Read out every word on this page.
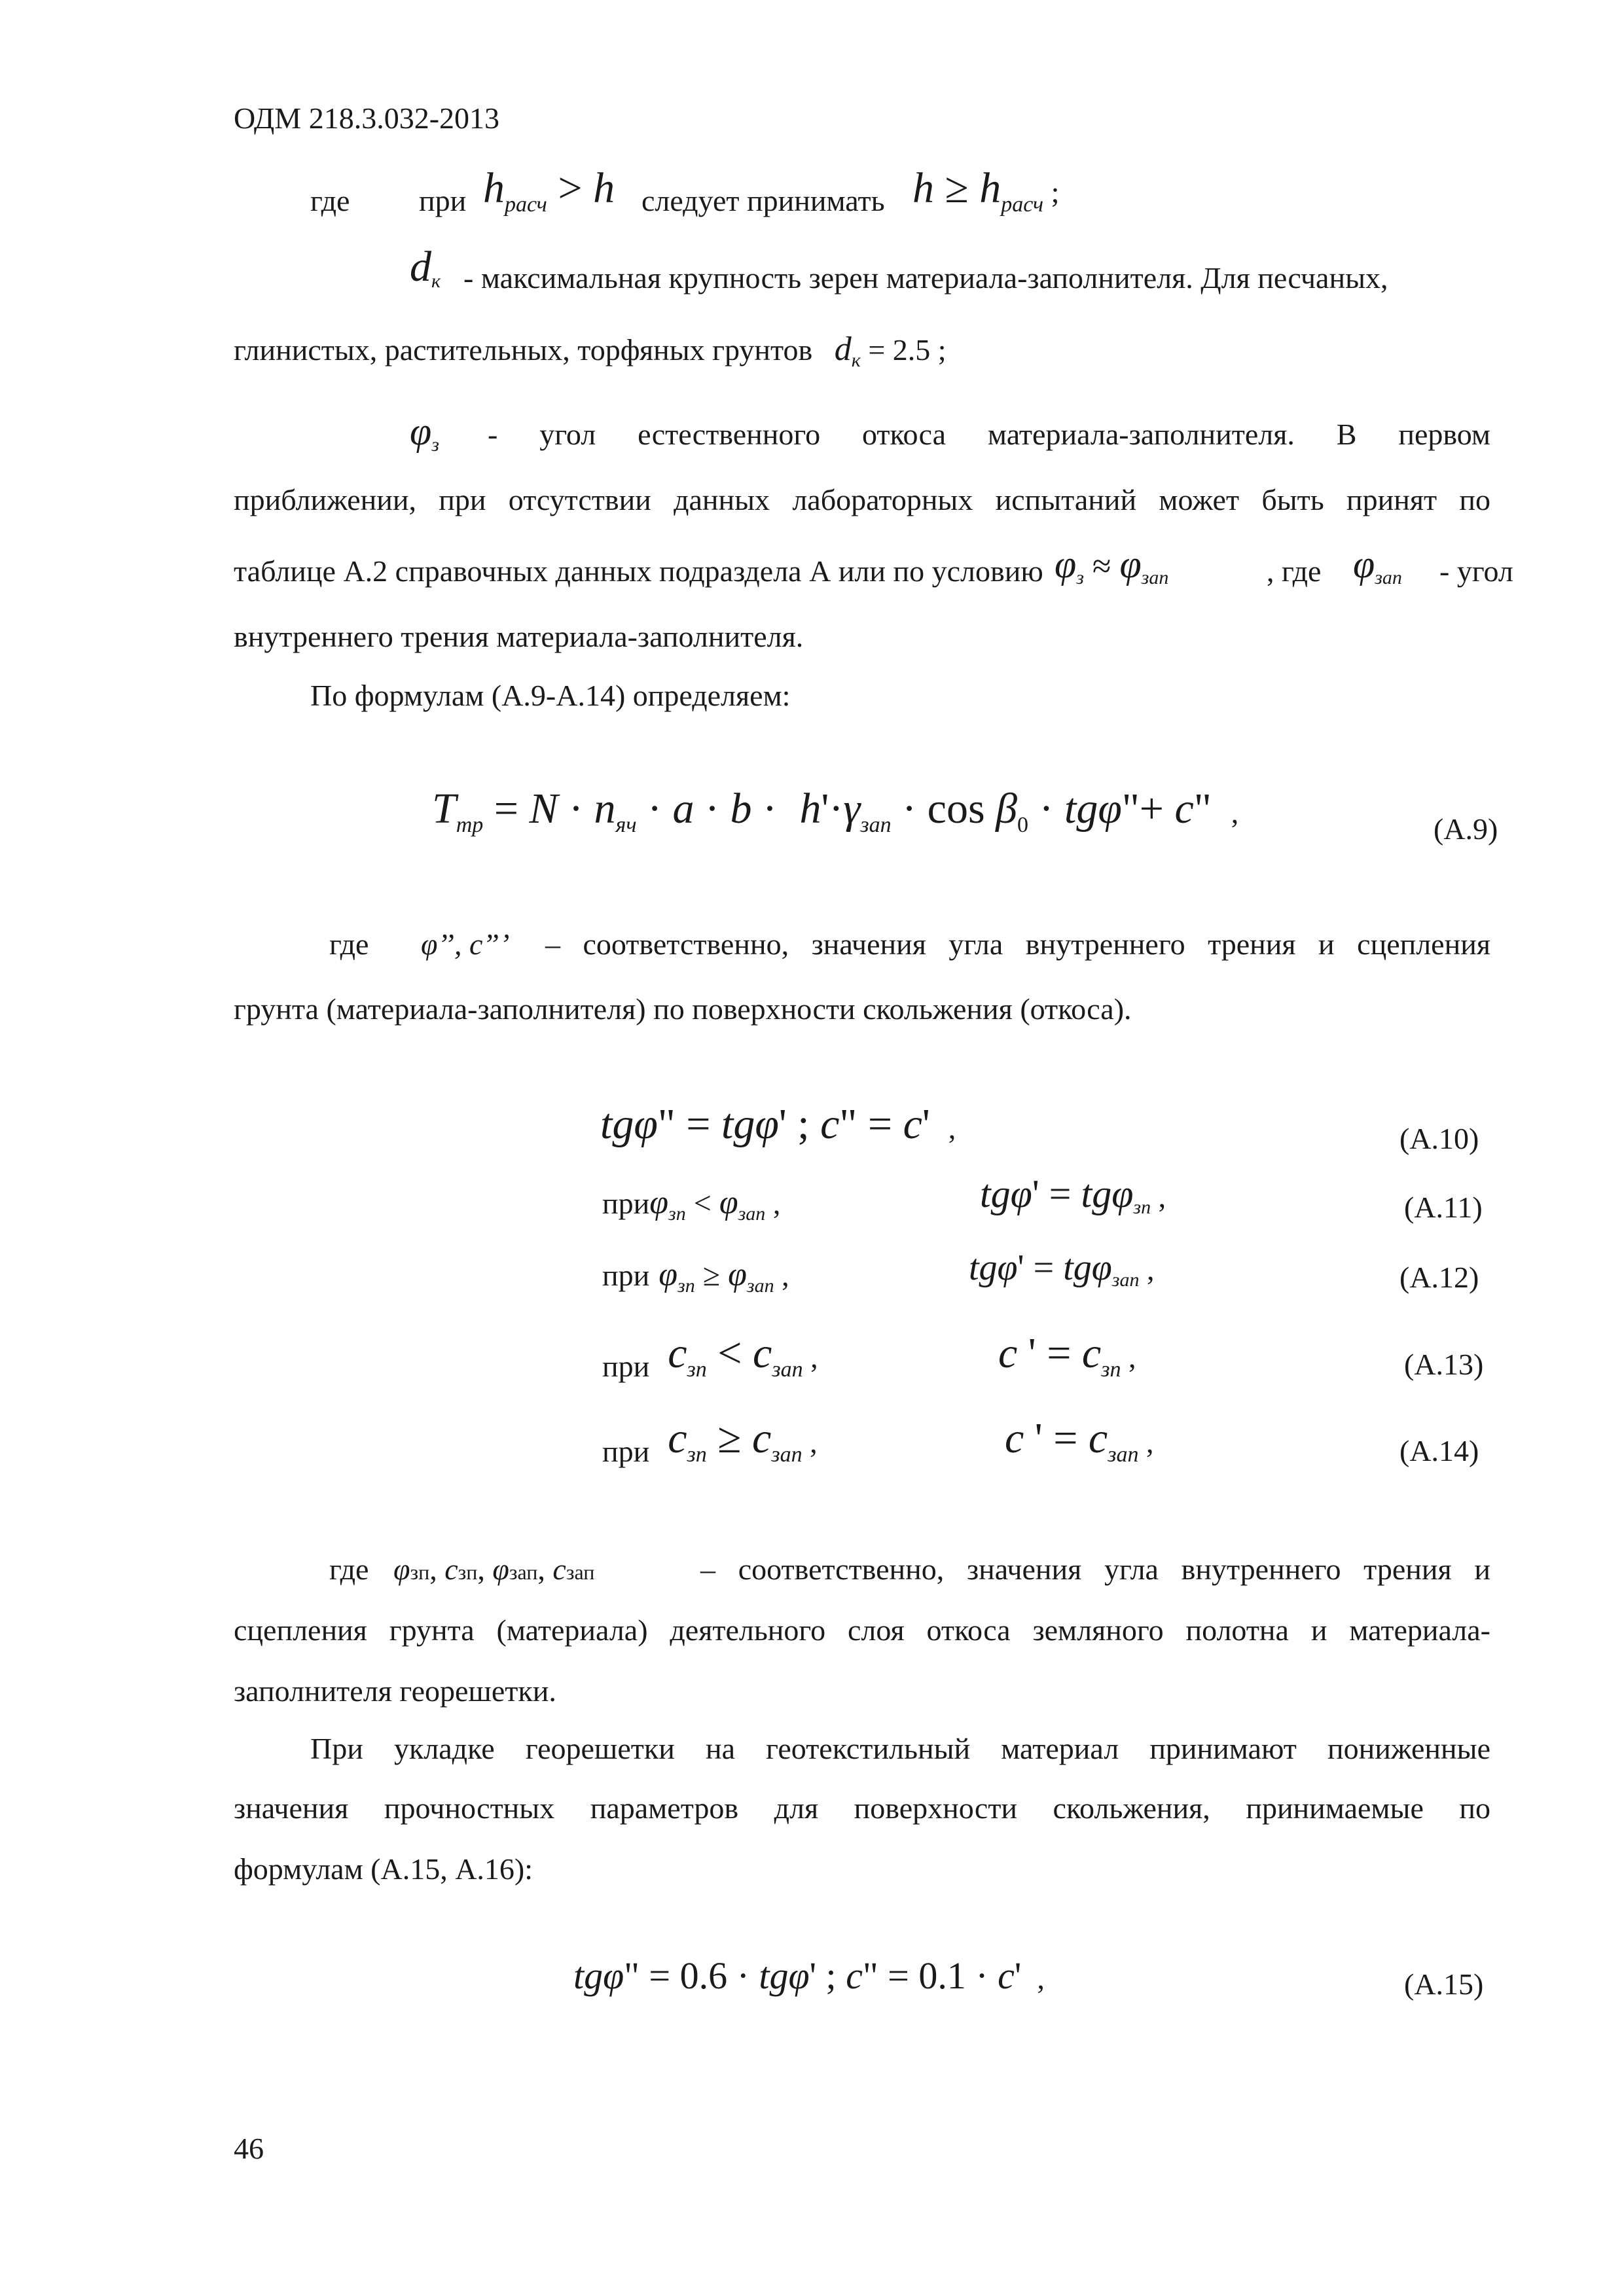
ОДМ 218.3.032-2013
где при hрасч > h следует принимать h ≥ hрасч ;
dк - максимальная крупность зерен материала-заполнителя. Для песчаных,
глинистых, растительных, торфяных грунтов $d_к = 2.5$ ;
φз - угол естественного откоса материала-заполнителя. В первом
приближении, при отсутствии данных лабораторных испытаний может быть принят по
таблице А.2 справочных данных подраздела А или по условию φз ≈ φзап	, где φзап - угол
внутреннего трения материала-заполнителя.
По формулам (А.9-А.14) определяем:
Tтр = N · nяч · a · b · h'·γзап · cos β0 · tgφ"+ c" ,	(А.9)
где φ’’, с”’ – соответственно, значения угла внутреннего трения и сцепления
грунта (материала-заполнителя) по поверхности скольжения (откоса).
tgφ" = tgφ' ; c" = c' ,	(А.10)
приφзп < φзап ,	tgφ' = tgφзп ,	(А.11)
при φзп ≥ φзап ,	tgφ' = tgφзап ,	(А.12)
при cзп < cзап ,	c ' = cзп ,	(А.13)
при cзп ≥ cзап ,	c ' = cзап ,	(А.14)
где φзп, сзп, φзап, сзап	– соответственно, значения угла внутреннего трения и
сцепления грунта (материала) деятельного слоя откоса земляного полотна и материала-
заполнителя георешетки.
При укладке георешетки на геотекстильный материал принимают пониженные
значения прочностных параметров для поверхности скольжения, принимаемые по
формулам (А.15, А.16):
tgφ" = 0.6 · tgφ' ; c" = 0.1 · c' ,	(А.15)
46
